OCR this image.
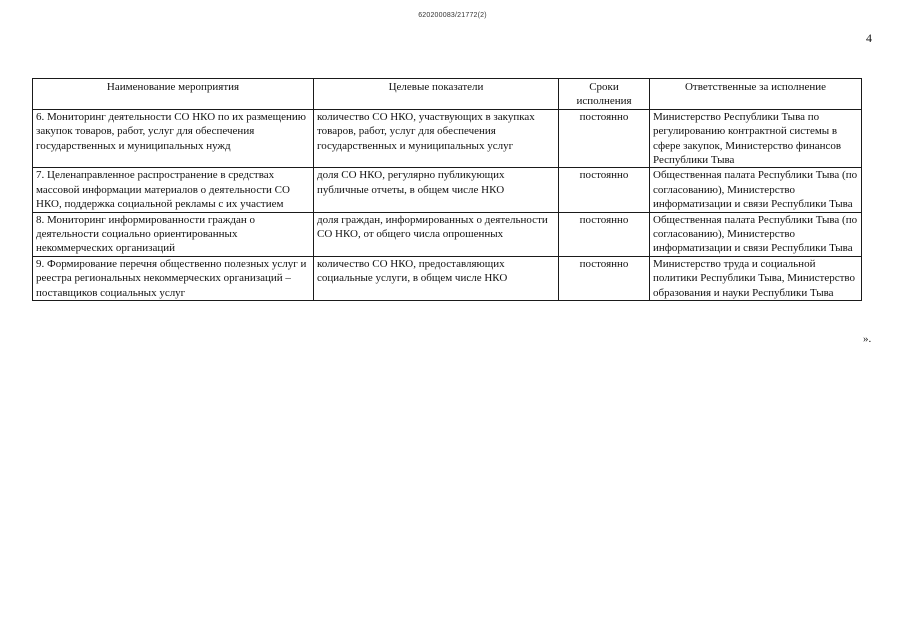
620200083/21772(2)
4
Наименование мероприятия	Целевые показатели	Сроки исполнения	Ответственные за исполнение
6. Мониторинг деятельности СО НКО по их размещению закупок товаров, работ, услуг для обеспечения государственных и муниципальных нужд	количество СО НКО, участвующих в закупках товаров, работ, услуг для обеспечения государственных и муниципальных услуг	постоянно	Министерство Республики Тыва по регулированию контрактной системы в сфере закупок, Министерство финансов Республики Тыва
7. Целенаправленное распространение в средствах массовой информации материалов о деятельности СО НКО, поддержка социальной рекламы с их участием	доля СО НКО, регулярно публикующих публичные отчеты, в общем числе НКО	постоянно	Общественная палата Республики Тыва (по согласованию), Министерство информатизации и связи Республики Тыва
8. Мониторинг информированности граждан о деятельности социально ориентированных некоммерческих организаций	доля граждан, информированных о деятельности СО НКО, от общего числа опрошенных	постоянно	Общественная палата Республики Тыва (по согласованию), Министерство информатизации и связи Республики Тыва
9. Формирование перечня общественно полезных услуг и реестра региональных некоммерческих организаций – поставщиков социальных услуг	количество СО НКО, предоставляющих социальные услуги, в общем числе НКО	постоянно	Министерство труда и социальной политики Республики Тыва, Министерство образования и науки Республики Тыва
».
